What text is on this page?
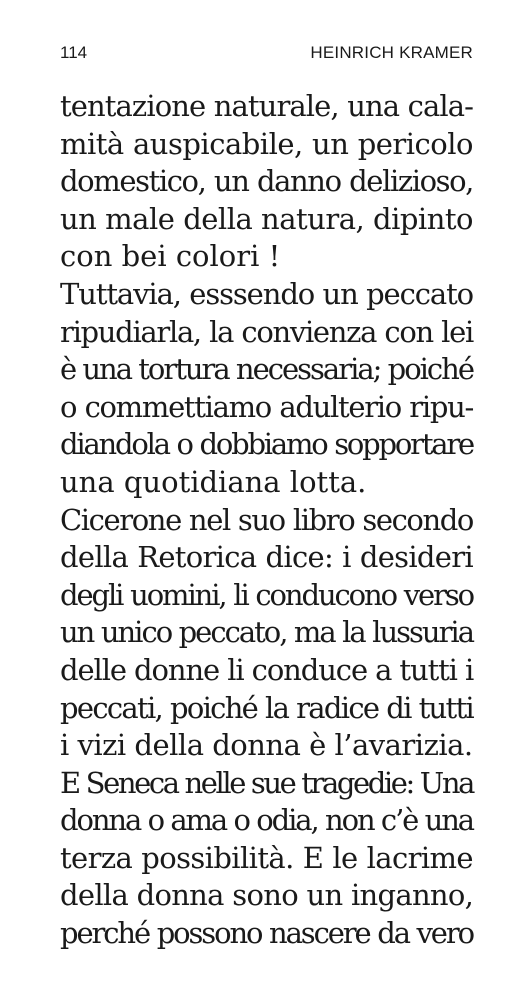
114	HEINRICH KRAMER
tentazione naturale, una cala-
mità auspicabile, un pericolo
domestico, un danno delizioso,
un male della natura, dipinto
con bei colori !
Tuttavia, esssendo un peccato
ripudiarla, la convienza con lei
è una tortura necessaria; poiché
o commettiamo adulterio ripu-
diandola o dobbiamo sopportare
una quotidiana lotta.
Cicerone nel suo libro secondo
della Retorica dice: i desideri
degli uomini, li conducono verso
un unico peccato, ma la lussuria
delle donne li conduce a tutti i
peccati, poiché la radice di tutti
i vizi della donna è l’avarizia.
E Seneca nelle sue tragedie: Una
donna o ama o odia, non c’è una
terza possibilità. E le lacrime
della donna sono un inganno,
perché possono nascere da vero
